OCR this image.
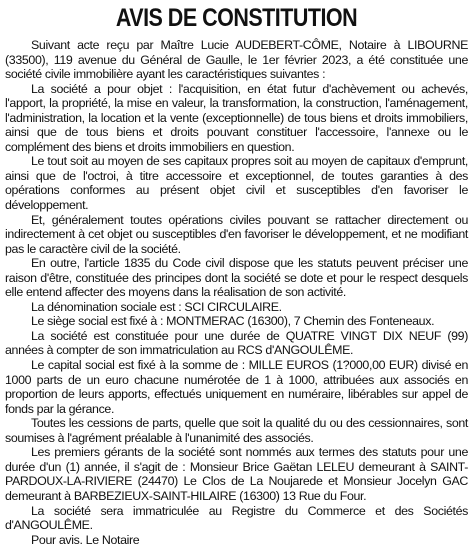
AVIS DE CONSTITUTION

Suivant acte reçu par Maître Lucie AUDEBERT-CÔME, Notaire à LIBOURNE (33500), 119 avenue du Général de Gaulle, le 1er février 2023, a été constituée une société civile immobilière ayant les caractéristiques suivantes :

La société a pour objet : l'acquisition, en état futur d'achèvement ou achevés, l'apport, la propriété, la mise en valeur, la transformation, la construction, l'aménagement, l'administration, la location et la vente (exceptionnelle) de tous biens et droits immobiliers, ainsi que de tous biens et droits pouvant constituer l'accessoire, l'annexe ou le complément des biens et droits immobiliers en question.

Le tout soit au moyen de ses capitaux propres soit au moyen de capitaux d'emprunt, ainsi que de l'octroi, à titre accessoire et exceptionnel, de toutes garanties à des opérations conformes au présent objet civil et susceptibles d'en favoriser le développement.

Et, généralement toutes opérations civiles pouvant se rattacher directement ou indirectement à cet objet ou susceptibles d'en favoriser le développement, et ne modifiant pas le caractère civil de la société.

En outre, l'article 1835 du Code civil dispose que les statuts peuvent préciser une raison d'être, constituée des principes dont la société se dote et pour le respect desquels elle entend affecter des moyens dans la réalisation de son activité.

La dénomination sociale est : SCI CIRCULAIRE.

Le siège social est fixé à : MONTMERAC (16300), 7 Chemin des Fonteneaux.

La société est constituée pour une durée de QUATRE VINGT DIX NEUF (99) années à compter de son immatriculation au RCS d'ANGOULÊME.

Le capital social est fixé à la somme de : MILLE EUROS (1?000,00 EUR) divisé en 1000 parts de un euro chacune numérotée de 1 à 1000, attribuées aux associés en proportion de leurs apports, effectués uniquement en numéraire, libérables sur appel de fonds par la gérance.

Toutes les cessions de parts, quelle que soit la qualité du ou des cessionnaires, sont soumises à l'agrément préalable à l'unanimité des associés.

Les premiers gérants de la société sont nommés aux termes des statuts pour une durée d'un (1) année, il s'agit de : Monsieur Brice Gaëtan LELEU demeurant à SAINT-PARDOUX-LA-RIVIERE (24470) Le Clos de La Noujarede et Monsieur Jocelyn GAC demeurant à BARBEZIEUX-SAINT-HILAIRE (16300) 13 Rue du Four.

La société sera immatriculée au Registre du Commerce et des Sociétés d'ANGOULÊME.

Pour avis. Le Notaire
